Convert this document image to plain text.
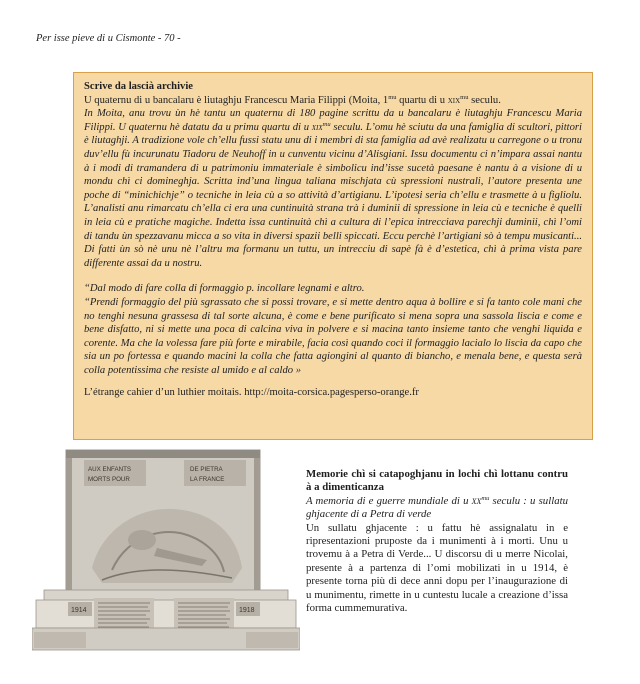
Per isse pieve di u Cismonte - 70 -

Scrive da lascià archivie

U quaternu di u bancalaru è liutaghju Francescu Maria Filippi (Moita, $1^{mu}$ quartu di u xix$^{mu}$ seculu.

In Moita, anu trovu ùn hè tantu un quaternu di 180 pagine scrittu da u bancalaru è liutaghju Francescu Maria Filippi. U quaternu hè datatu da u primu quartu di u xix$^{mu}$ seculu. L’omu hè sciutu da una famiglia di scultori, pittori è liutaghji. A tradizione vole ch’ellu fussi statu unu di i membri di sta famiglia ad avè realizatu u carregone o u tronu duv’ellu fù incurunatu Tiadoru de Neuhoff in u cunventu vicinu d’Alisgiani. Issu documentu ci n’impara assai nantu à i modi di tramandera di u patrimoniu immateriale è simbolicu ind’isse sucetà paesane è nantu à a visione di u mondu chì ci domineghja. Scritta ind’una lingua taliana mischjata cù spressioni nustrali, l’autore presenta une poche di “minichichje” o tecniche in leia cù a so attività d’artigianu. L’ipotesi seria ch’ellu e trasmette à u figliolu. L’analisti anu rimarcatu ch’ella ci era una cuntinuità strana trà i duminii di spressione in leia cù e tecniche è quelli in leia cù e pratiche magiche. Indetta issa cuntinuità chì a cultura di l’epica intrecciava parechji duminii, chì l’omi di tandu ùn spezzavanu micca a so vita in diversi spazii belli spiccati. Eccu perchè l’artigiani sò à tempu musicanti... Di fatti ùn sò nè unu nè l’altru ma formanu un tuttu, un intrecciu di sapè fà è d’estetica, chì à prima vista pare differente assai da u nostru.

“Dal modo di fare colla di formaggio p. incollare legnami e altro.

“Prendi formaggio del più sgrassato che si possi trovare, e si mette dentro aqua à bollire e si fa tanto cole mani che no tenghi nesuna grassesa di tal sorte alcuna, è come e bene purificato si mena sopra una sassola liscia e come e bene disfatto, ni si mette una poca di calcina viva in polvere e si macina tanto insieme tanto che venghi liquida e corente. Ma che la volessa fare più forte e mirabile, facia così quando coci il formaggio lacialo lo liscia da capo che sia un po fortessa e quando macini la colla che fatta agiongini al quanto di biancho, e menala bene, e questa serà colla potentissima che resiste al umido e al caldo »

L’étrange cahier d’un luthier moitais. http://moita-corsica.pagesperso-orange.fr

AUX ENFANTS
MORTS POUR
DE PIETRA
LA FRANCE
1914	1918

Memorie chì si catapoghjanu in lochi chì lottanu contru à a dimenticanza

A memoria di e guerre mundiale di u $xx^{mu}$ seculu : u sullatu ghjacente di a Petra di verde

Un sullatu ghjacente : u fattu hè assignalatu in e ripresentazioni pruposte da i munimenti à i morti. Unu u trovemu à a Petra di Verde... U discorsu di u merre Nicolai, presente à a partenza di l’omi mobilizati in u 1914, è presente torna più di dece anni dopu per l’inaugurazione di u munimentu, rimette in u cuntestu lucale a creazione d’issa forma cummemurativa.
